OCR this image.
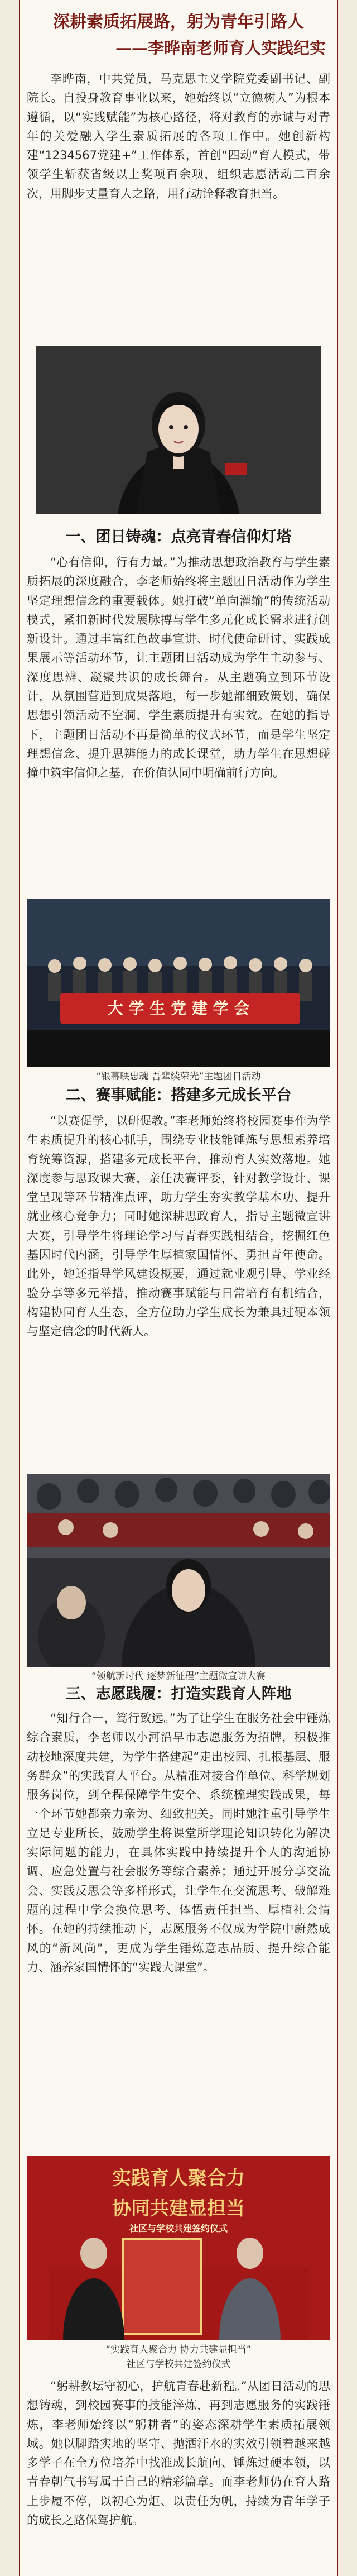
深耕素质拓展路，躬为青年引路人
——李晔南老师育人实践纪实

李晔南，中共党员，马克思主义学院党委副书记、副院长。自投身教育事业以来，她始终以“立德树人”为根本遵循，以“实践赋能”为核心路径，将对教育的赤诚与对青年的关爱融入学生素质拓展的各项工作中。她创新构建“1234567党建+”工作体系，首创“四动”育人模式，带领学生斩获省级以上奖项百余项，组织志愿活动二百余次，用脚步丈量育人之路，用行动诠释教育担当。

一、团日铸魂：点亮青春信仰灯塔

“心有信仰，行有力量。”为推动思想政治教育与学生素质拓展的深度融合，李老师始终将主题团日活动作为学生坚定理想信念的重要载体。她打破“单向灌输”的传统活动模式，紧扣新时代发展脉搏与学生多元化成长需求进行创新设计。通过丰富红色故事宣讲、时代使命研讨、实践成果展示等活动环节，让主题团日活动成为学生主动参与、深度思辨、凝聚共识的成长舞台。从主题确立到环节设计，从氛围营造到成果落地，每一步她都细致策划，确保思想引领活动不空洞、学生素质提升有实效。在她的指导下，主题团日活动不再是简单的仪式环节，而是学生坚定理想信念、提升思辨能力的成长课堂，助力学生在思想碰撞中筑牢信仰之基，在价值认同中明确前行方向。

大 学 生 党 建 学 会
“银幕映忠魂 吾辈续荣光”主题团日活动
二、赛事赋能：搭建多元成长平台

“以赛促学，以研促教。”李老师始终将校园赛事作为学生素质提升的核心抓手，围绕专业技能锤炼与思想素养培育统筹资源，搭建多元成长平台，推动育人实效落地。她深度参与思政课大赛，亲任决赛评委，针对教学设计、课堂呈现等环节精准点评，助力学生夯实教学基本功、提升就业核心竞争力；同时她深耕思政育人，指导主题微宣讲大赛，引导学生将理论学习与青春实践相结合，挖掘红色基因时代内涵，引导学生厚植家国情怀、勇担青年使命。此外，她还指导学风建设概要，通过就业观引导、学业经验分享等多元举措，推动赛事赋能与日常培育有机结合，构建协同育人生态，全方位助力学生成长为兼具过硬本领与坚定信念的时代新人。

“领航新时代 逐梦新征程”主题微宣讲大赛
三、志愿践履：打造实践育人阵地

“知行合一，笃行致远。”为了让学生在服务社会中锤炼综合素质，李老师以小河沿早市志愿服务为招牌，积极推动校地深度共建，为学生搭建起“走出校园、扎根基层、服务群众”的实践育人平台。从精准对接合作单位、科学规划服务岗位，到全程保障学生安全、系统梳理实践成果，每一个环节她都亲力亲为、细致把关。同时她注重引导学生立足专业所长，鼓励学生将课堂所学理论知识转化为解决实际问题的能力，在具体实践中持续提升个人的沟通协调、应急处置与社会服务等综合素养；通过开展分享交流会、实践反思会等多样形式，让学生在交流思考、破解难题的过程中学会换位思考、体悟责任担当、厚植社会情怀。在她的持续推动下，志愿服务不仅成为学院中蔚然成风的“新风尚”，更成为学生锤炼意志品质、提升综合能力、涵养家国情怀的“实践大课堂”。

实践育人聚合力
协同共建显担当
社区与学校共建签约仪式
“实践育人聚合力 协力共建显担当”
社区与学校共建签约仪式

“躬耕教坛守初心，护航青春赴新程。”从团日活动的思想铸魂，到校园赛事的技能淬炼，再到志愿服务的实践锤炼，李老师始终以“躬耕者”的姿态深耕学生素质拓展领域。她以脚踏实地的坚守、抛洒汗水的实效引领着越来越多学子在全方位培养中找准成长航向、锤炼过硬本领，以青春朝气书写属于自己的精彩篇章。而李老师仍在育人路上步履不停，以初心为炬、以责任为帆，持续为青年学子的成长之路保驾护航。
